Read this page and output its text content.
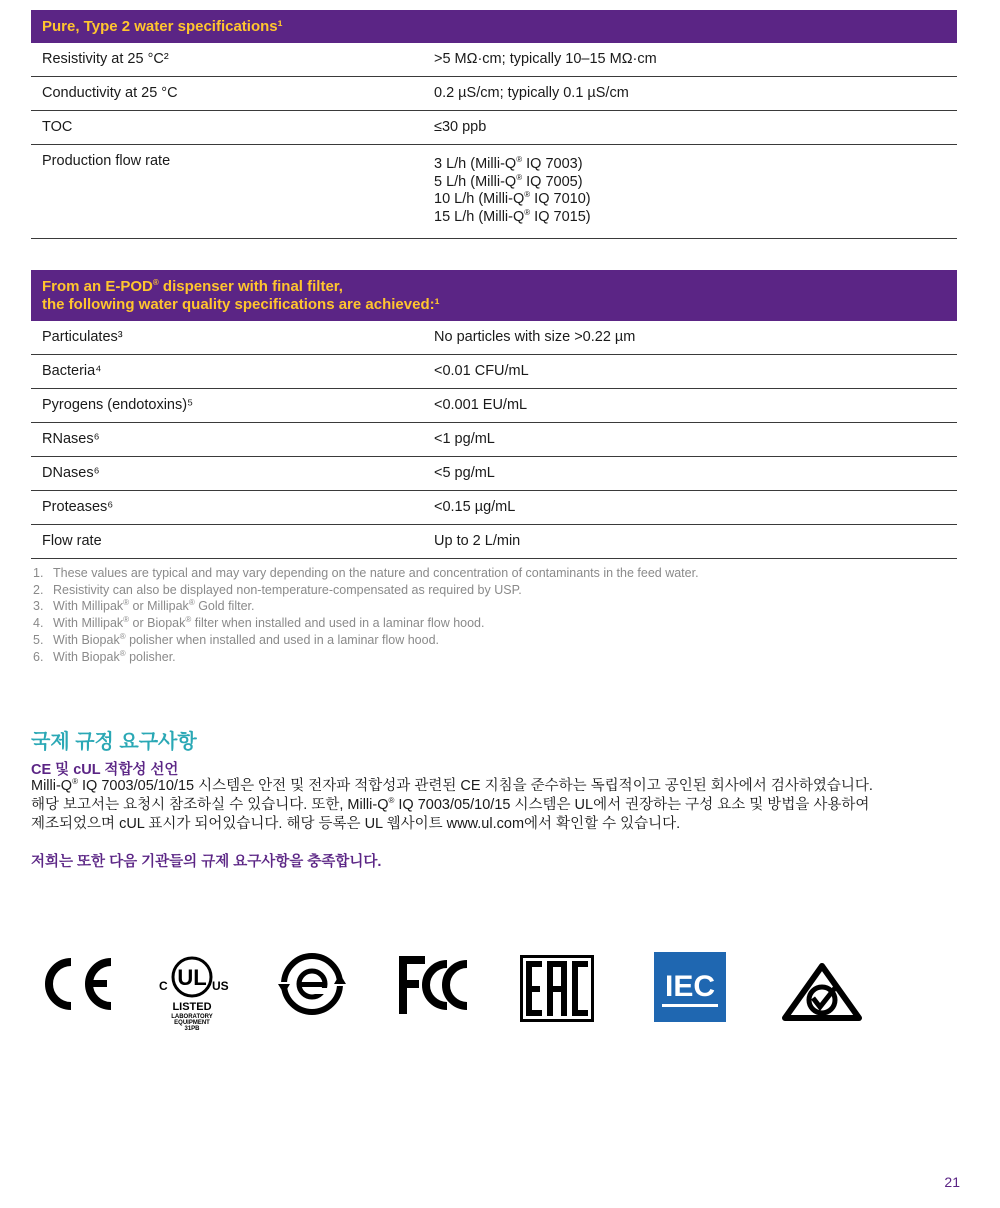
Pure, Type 2 water specifications¹
Resistivity at 25 °C²	>5 MΩ·cm; typically 10–15 MΩ·cm
Conductivity at 25 °C	0.2 µS/cm; typically 0.1 µS/cm
TOC	≤30 ppb
Production flow rate	3 L/h (Milli-Q® IQ 7003)
5 L/h (Milli-Q® IQ 7005)
10 L/h (Milli-Q® IQ 7010)
15 L/h (Milli-Q® IQ 7015)
From an E-POD® dispenser with final filter,
the following water quality specifications are achieved:¹
Particulates³	No particles with size >0.22 µm
Bacteria⁴	<0.01 CFU/mL
Pyrogens (endotoxins)⁵	<0.001 EU/mL
RNases⁶	<1 pg/mL
DNases⁶	<5 pg/mL
Proteases⁶	<0.15 µg/mL
Flow rate	Up to 2 L/min
1. These values are typical and may vary depending on the nature and concentration of contaminants in the feed water.
2. Resistivity can also be displayed non-temperature-compensated as required by USP.
3. With Millipak® or Millipak® Gold filter.
4. With Millipak® or Biopak® filter when installed and used in a laminar flow hood.
5. With Biopak® polisher when installed and used in a laminar flow hood.
6. With Biopak® polisher.
국제 규정 요구사항
CE 및 cUL 적합성 선언
Milli-Q® IQ 7003/05/10/15 시스템은 안전 및 전자파 적합성과 관련된 CE 지침을 준수하는 독립적이고 공인된 회사에서 검사하였습니다.
해당 보고서는 요청시 참조하실 수 있습니다. 또한, Milli-Q® IQ 7003/05/10/15 시스템은 UL에서 권장하는 구성 요소 및 방법을 사용하여
제조되었으며 cUL 표시가 되어있습니다. 해당 등록은 UL 웹사이트 www.ul.com에서 확인할 수 있습니다.
저희는 또한 다음 기관들의 규제 요구사항을 충족합니다.
UL
C	US
LISTED
LABORATORY
EQUIPMENT
31PB
IEC
21
